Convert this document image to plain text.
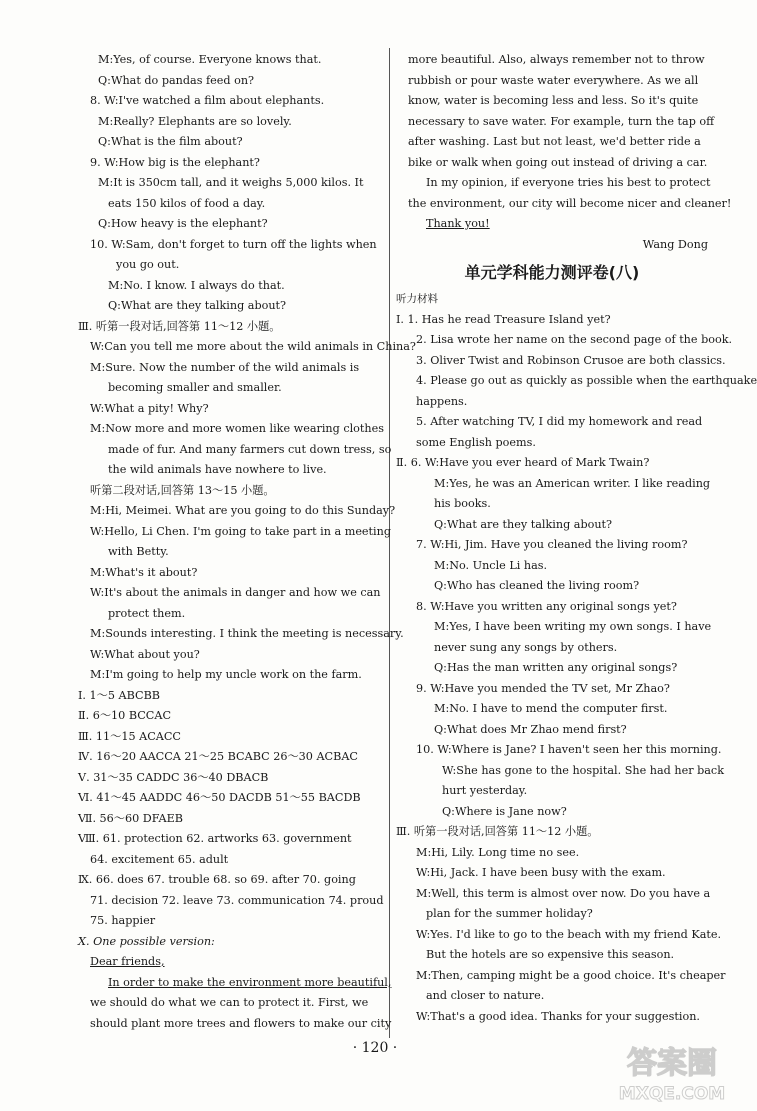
M:Yes, of course. Everyone knows that.
Q:What do pandas feed on?
8. W:I've watched a film about elephants.
M:Really? Elephants are so lovely.
Q:What is the film about?
9. W:How big is the elephant?
M:It is 350cm tall, and it weighs 5,000 kilos. It
eats 150 kilos of food a day.
Q:How heavy is the elephant?
10. W:Sam, don't forget to turn off the lights when
you go out.
M:No. I know. I always do that.
Q:What are they talking about?
Ⅲ. 听第一段对话,回答第 11～12 小题。
W:Can you tell me more about the wild animals in China?
M:Sure. Now the number of the wild animals is
becoming smaller and smaller.
W:What a pity! Why?
M:Now more and more women like wearing clothes
made of fur. And many farmers cut down tress, so
the wild animals have nowhere to live.
听第二段对话,回答第 13～15 小题。
M:Hi, Meimei. What are you going to do this Sunday?
W:Hello, Li Chen. I'm going to take part in a meeting
with Betty.
M:What's it about?
W:It's about the animals in danger and how we can
protect them.
M:Sounds interesting. I think the meeting is necessary.
W:What about you?
M:I'm going to help my uncle work on the farm.
Ⅰ. 1～5 ABCBB
Ⅱ. 6～10 BCCAC
Ⅲ. 11～15 ACACC
Ⅳ. 16～20 AACCA 21～25 BCABC 26～30 ACBAC
Ⅴ. 31～35 CADDC 36～40 DBACB
Ⅵ. 41～45 AADDC 46～50 DACDB 51～55 BACDB
Ⅶ. 56～60 DFAEB
Ⅷ. 61. protection 62. artworks 63. government
64. excitement 65. adult
Ⅸ. 66. does 67. trouble 68. so 69. after 70. going
71. decision 72. leave 73. communication 74. proud
75. happier
Ⅹ. One possible version:
Dear friends,
In order to make the environment more beautiful,
we should do what we can to protect it. First, we
should plant more trees and flowers to make our city
more beautiful. Also, always remember not to throw
rubbish or pour waste water everywhere. As we all
know, water is becoming less and less. So it's quite
necessary to save water. For example, turn the tap off
after washing. Last but not least, we'd better ride a
bike or walk when going out instead of driving a car.
In my opinion, if everyone tries his best to protect
the environment, our city will become nicer and cleaner!
Thank you!
Wang Dong
单元学科能力测评卷(八)
听力材料
Ⅰ. 1. Has he read Treasure Island yet?
2. Lisa wrote her name on the second page of the book.
3. Oliver Twist and Robinson Crusoe are both classics.
4. Please go out as quickly as possible when the earthquake
happens.
5. After watching TV, I did my homework and read
some English poems.
Ⅱ. 6. W:Have you ever heard of Mark Twain?
M:Yes, he was an American writer. I like reading
his books.
Q:What are they talking about?
7. W:Hi, Jim. Have you cleaned the living room?
M:No. Uncle Li has.
Q:Who has cleaned the living room?
8. W:Have you written any original songs yet?
M:Yes, I have been writing my own songs. I have
never sung any songs by others.
Q:Has the man written any original songs?
9. W:Have you mended the TV set, Mr Zhao?
M:No. I have to mend the computer first.
Q:What does Mr Zhao mend first?
10. W:Where is Jane? I haven't seen her this morning.
W:She has gone to the hospital. She had her back
hurt yesterday.
Q:Where is Jane now?
Ⅲ. 听第一段对话,回答第 11～12 小题。
M:Hi, Lily. Long time no see.
W:Hi, Jack. I have been busy with the exam.
M:Well, this term is almost over now. Do you have a
plan for the summer holiday?
W:Yes. I'd like to go to the beach with my friend Kate.
But the hotels are so expensive this season.
M:Then, camping might be a good choice. It's cheaper
and closer to nature.
W:That's a good idea. Thanks for your suggestion.
· 120 ·	答案圈
MXQE.COM
